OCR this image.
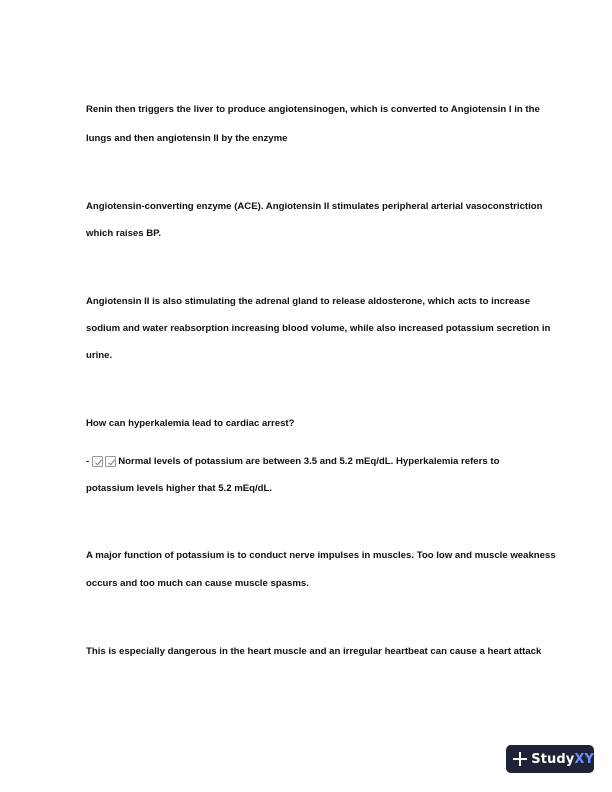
Renin then triggers the liver to produce angiotensinogen, which is converted to Angiotensin I in the

lungs and then angiotensin II by the enzyme

Angiotensin-converting enzyme (ACE). Angiotensin II stimulates peripheral arterial vasoconstriction

which raises BP.

Angiotensin II is also stimulating the adrenal gland to release aldosterone, which acts to increase

sodium and water reabsorption increasing blood volume, while also increased potassium secretion in

urine.

How can hyperkalemia lead to cardiac arrest?

-	Normal levels of potassium are between 3.5 and 5.2 mEq/dL. Hyperkalemia refers to

potassium levels higher that 5.2 mEq/dL.

A major function of potassium is to conduct nerve impulses in muscles. Too low and muscle weakness

occurs and too much can cause muscle spasms.

This is especially dangerous in the heart muscle and an irregular heartbeat can cause a heart attack

StudyXY
